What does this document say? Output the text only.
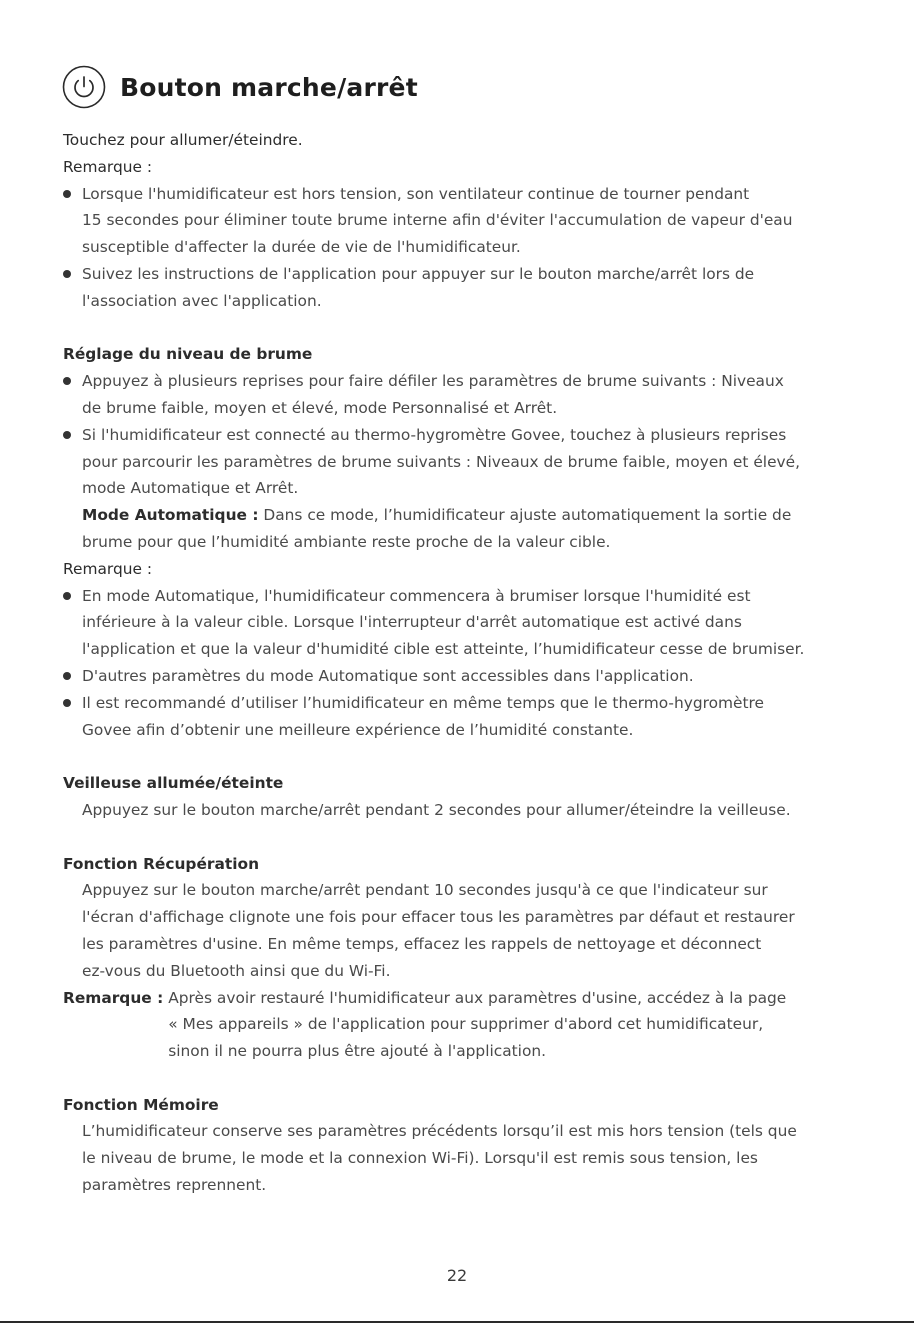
Bouton marche/arrêt
Touchez pour allumer/éteindre.
Remarque :
Lorsque l'humidificateur est hors tension, son ventilateur continue de tourner pendant
15 secondes pour éliminer toute brume interne afin d'éviter l'accumulation de vapeur d'eau
susceptible d'affecter la durée de vie de l'humidificateur.
Suivez les instructions de l'application pour appuyer sur le bouton marche/arrêt lors de
l'association avec l'application.
Réglage du niveau de brume
Appuyez à plusieurs reprises pour faire défiler les paramètres de brume suivants : Niveaux
de brume faible, moyen et élevé, mode Personnalisé et Arrêt.
Si l'humidificateur est connecté au thermo-hygromètre Govee, touchez à plusieurs reprises
pour parcourir les paramètres de brume suivants : Niveaux de brume faible, moyen et élevé,
mode Automatique et Arrêt.
Mode Automatique : Dans ce mode, l’humidificateur ajuste automatiquement la sortie de
brume pour que l’humidité ambiante reste proche de la valeur cible.
Remarque :
En mode Automatique, l'humidificateur commencera à brumiser lorsque l'humidité est
inférieure à la valeur cible. Lorsque l'interrupteur d'arrêt automatique est activé dans
l'application et que la valeur d'humidité cible est atteinte, l’humidificateur cesse de brumiser.
D'autres paramètres du mode Automatique sont accessibles dans l'application.
Il est recommandé d’utiliser l’humidificateur en même temps que le thermo-hygromètre
Govee afin d’obtenir une meilleure expérience de l’humidité constante.
Veilleuse allumée/éteinte
Appuyez sur le bouton marche/arrêt pendant 2 secondes pour allumer/éteindre la veilleuse.
Fonction Récupération
Appuyez sur le bouton marche/arrêt pendant 10 secondes jusqu'à ce que l'indicateur sur
l'écran d'affichage clignote une fois pour effacer tous les paramètres par défaut et restaurer
les paramètres d'usine. En même temps, effacez les rappels de nettoyage et déconnect
ez-vous du Bluetooth ainsi que du Wi-Fi.
Remarque : Après avoir restauré l'humidificateur aux paramètres d'usine, accédez à la page
« Mes appareils » de l'application pour supprimer d'abord cet humidificateur,
sinon il ne pourra plus être ajouté à l'application.
Fonction Mémoire
L’humidificateur conserve ses paramètres précédents lorsqu’il est mis hors tension (tels que
le niveau de brume, le mode et la connexion Wi-Fi). Lorsqu'il est remis sous tension, les
paramètres reprennent.
22
